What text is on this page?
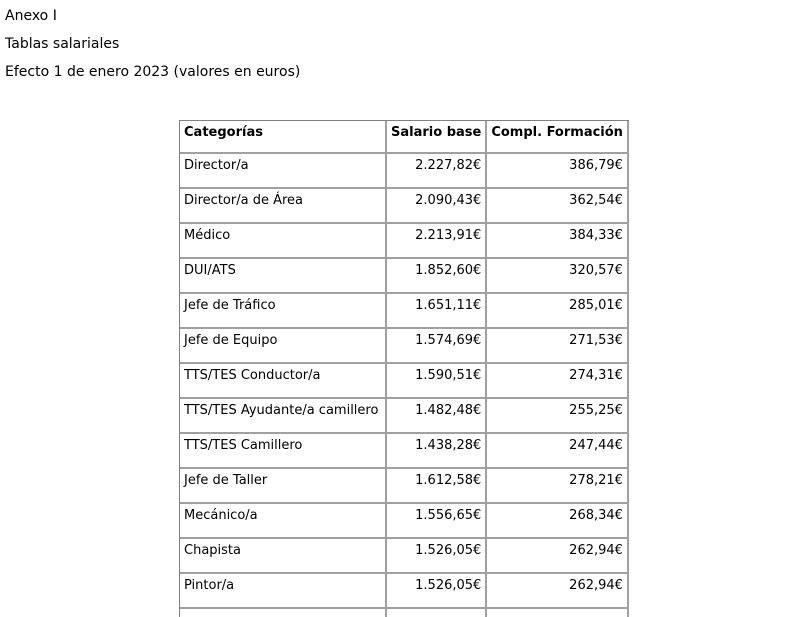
Anexo I
Tablas salariales
Efecto 1 de enero 2023 (valores en euros)
Categorías	Salario base	Compl. Formación
Director/a	2.227,82€	386,79€
Director/a de Área	2.090,43€	362,54€
Médico	2.213,91€	384,33€
DUI/ATS	1.852,60€	320,57€
Jefe de Tráfico	1.651,11€	285,01€
Jefe de Equipo	1.574,69€	271,53€
TTS/TES Conductor/a	1.590,51€	274,31€
TTS/TES Ayudante/a camillero	1.482,48€	255,25€
TTS/TES Camillero	1.438,28€	247,44€
Jefe de Taller	1.612,58€	278,21€
Mecánico/a	1.556,65€	268,34€
Chapista	1.526,05€	262,94€
Pintor/a	1.526,05€	262,94€
